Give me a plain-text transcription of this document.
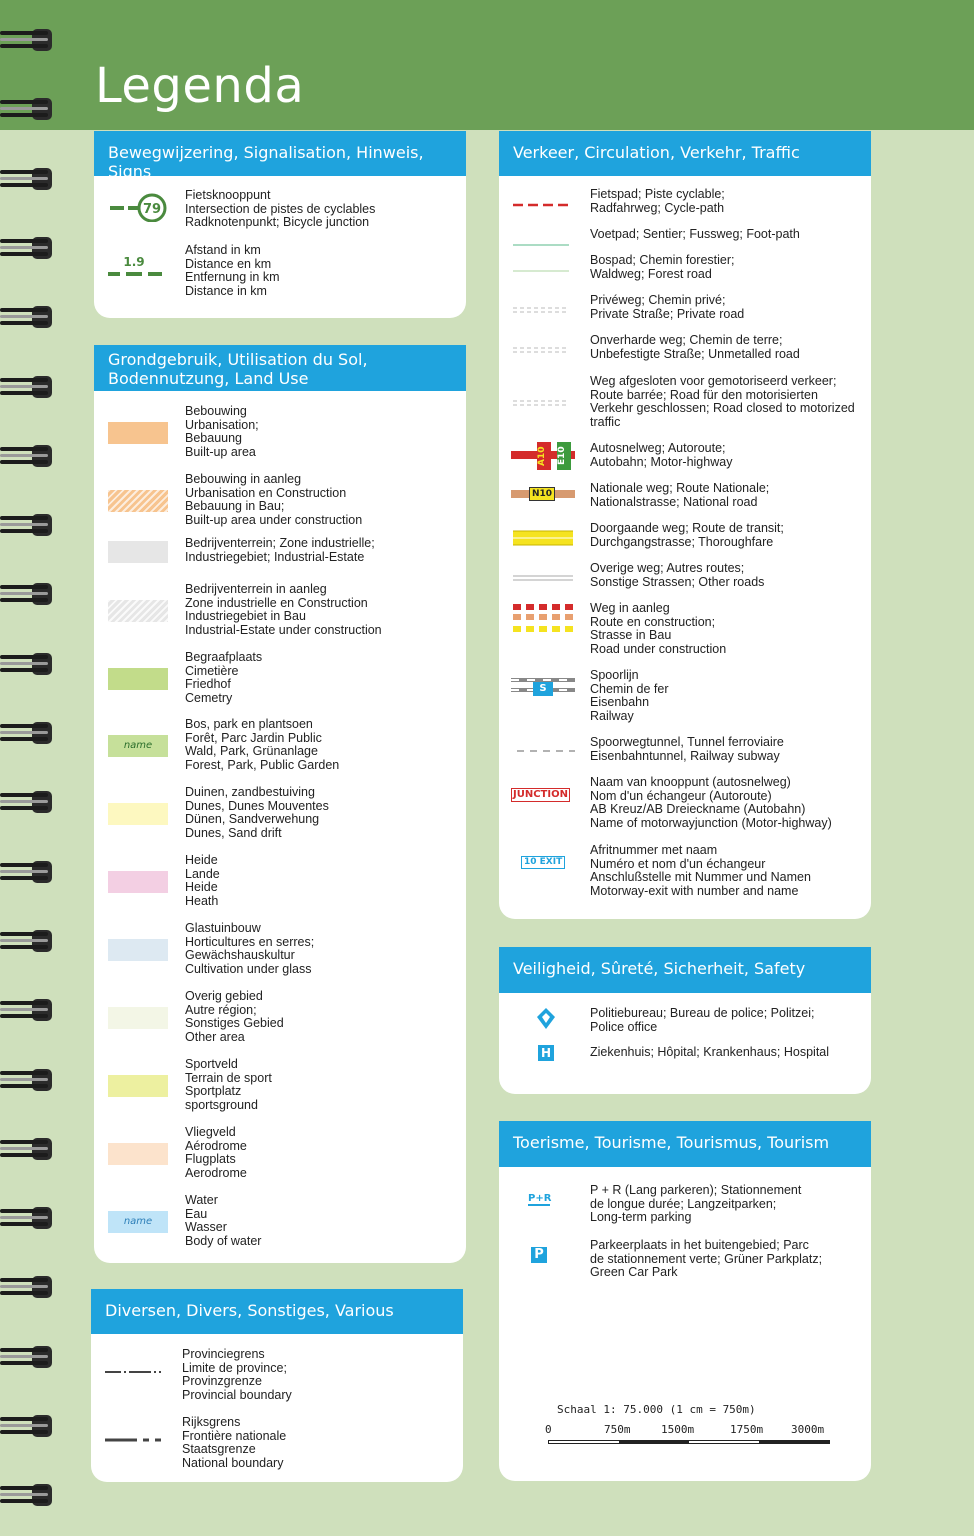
Legenda
Bewegwijzering, Signalisation, Hinweis, Signs
79
Fietsknooppunt
Intersection de pistes de cyclables
Radknotenpunkt; Bicycle junction
1.9
Afstand in km
Distance en km
Entfernung in km
Distance in km
Grondgebruik, Utilisation du Sol,
Bodennutzung, Land Use
Bebouwing
Urbanisation;
Bebauung
Built-up area
Bebouwing in aanleg
Urbanisation en Construction
Bebauung in Bau;
Built-up area under construction
Bedrijventerrein; Zone industrielle;
Industriegebiet; Industrial-Estate
Bedrijventerrein in aanleg
Zone industrielle en Construction
Industriegebiet in Bau
Industrial-Estate under construction
Begraafplaats
Cimetière
Friedhof
Cemetry
name
Bos, park en plantsoen
Forêt, Parc Jardin Public
Wald, Park, Grünanlage
Forest, Park, Public Garden
Duinen, zandbestuiving
Dunes, Dunes Mouventes
Dünen, Sandverwehung
Dunes, Sand drift
Heide
Lande
Heide
Heath
Glastuinbouw
Horticultures en serres;
Gewächshauskultur
Cultivation under glass
Overig gebied
Autre région;
Sonstiges Gebied
Other area
Sportveld
Terrain de sport
Sportplatz
sportsground
Vliegveld
Aérodrome
Flugplats
Aerodrome
name
Water
Eau
Wasser
Body of water
Diversen, Divers, Sonstiges, Various
Provinciegrens
Limite de province;
Provinzgrenze
Provincial boundary
Rijksgrens
Frontière nationale
Staatsgrenze
National boundary
Verkeer, Circulation, Verkehr, Traffic
Fietspad; Piste cyclable;
Radfahrweg; Cycle-path
Voetpad; Sentier; Fussweg; Foot-path
Bospad; Chemin forestier;
Waldweg; Forest road
Privéweg; Chemin privé;
Private Straße; Private road
Onverharde weg; Chemin de terre;
Unbefestigte Straße; Unmetalled road
Weg afgesloten voor gemotoriseerd verkeer;
Route barrée; Road für den motorisierten
Verkehr geschlossen; Road closed to motorized
traffic
A10	E10	Autosnelweg; Autoroute;
Autobahn; Motor-highway
N10	Nationale weg; Route Nationale;
Nationalstrasse; National road
Doorgaande weg; Route de transit;
Durchgangstrasse; Thoroughfare
Overige weg; Autres routes;
Sonstige Strassen; Other roads
Weg in aanleg
Route en construction;
Strasse in Bau
Road under construction
S
Spoorlijn
Chemin de fer
Eisenbahn
Railway
Spoorwegtunnel, Tunnel ferroviaire
Eisenbahntunnel, Railway subway
JUNCTION
Naam van knooppunt (autosnelweg)
Nom d'un échangeur (Autoroute)
AB Kreuz/AB Dreieckname (Autobahn)
Name of motorwayjunction (Motor-highway)
10 EXIT
Afritnummer met naam
Numéro et nom d'un échangeur
Anschlußstelle mit Nummer und Namen
Motorway-exit with number and name
Veiligheid, Sûreté, Sicherheit, Safety
Politiebureau; Bureau de police; Politzei;
Police office
H	Ziekenhuis; Hôpital; Krankenhaus; Hospital
Toerisme, Tourisme, Tourismus, Tourism
P+R
P + R (Lang parkeren); Stationnement
de longue durée; Langzeitparken;
Long-term parking
P
Parkeerplaats in het buitengebied; Parc
de stationnement verte; Grüner Parkplatz;
Green Car Park
Schaal 1: 75.000 (1 cm = 750m)
0	750m	1500m	1750m	3000m
